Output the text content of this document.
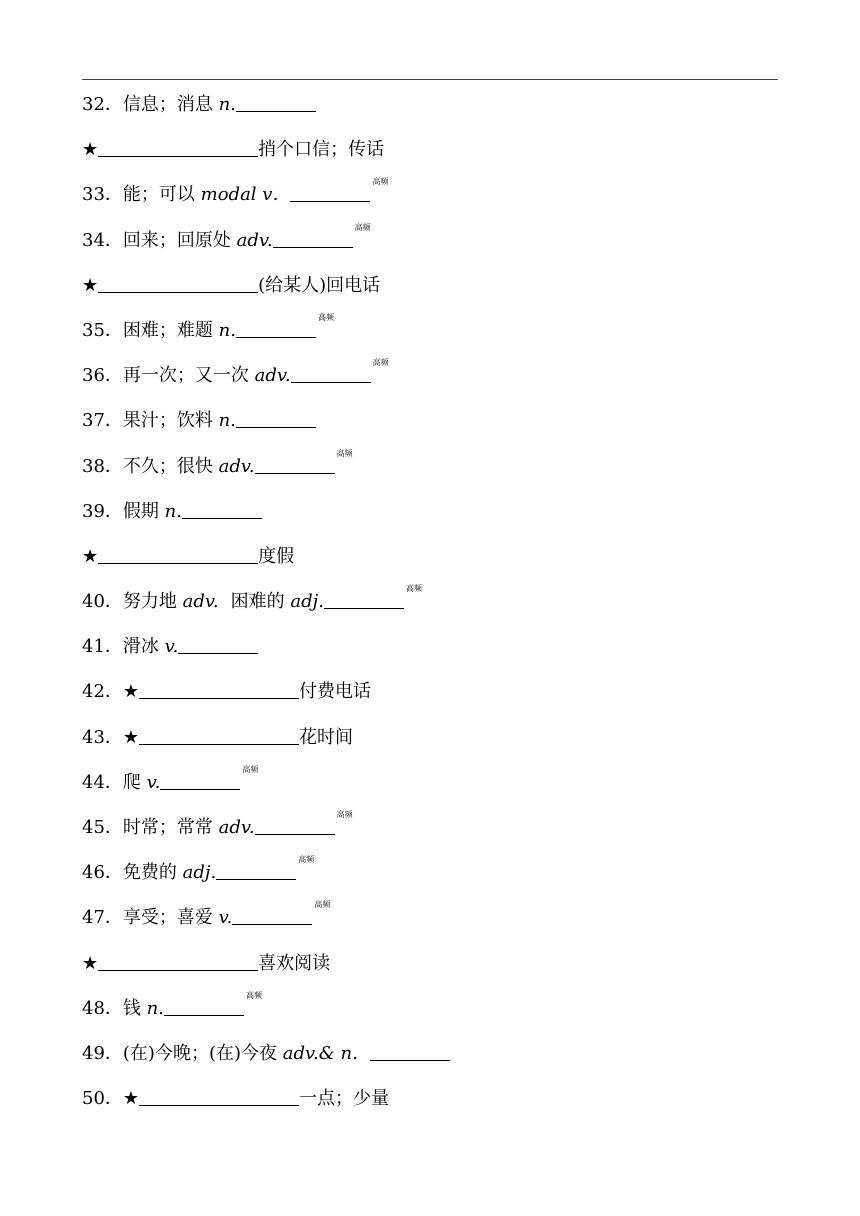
32．信息；消息 n.
★	捎个口信；传话
33．能；可以 modal v．$^{高频}$
34．回来；回原处 adv.$^{高频}$
★	(给某人)回电话
35．困难；难题 n.$^{高频}$
36．再一次；又一次 adv.$^{高频}$
37．果汁；饮料 n.
38．不久；很快 adv.$^{高频}$
39．假期 n.
★	度假
40．努力地 adv. 困难的 adj.$^{高频}$
41．滑冰 v.
42．★	付费电话
43．★	花时间
44．爬 v.$^{高频}$
45．时常；常常 adv.$^{高频}$
46．免费的 adj.$^{高频}$
47．享受；喜爱 v.$^{高频}$
★	喜欢阅读
48．钱 n.$^{高频}$
49．(在)今晚；(在)今夜 adv.& n．
50．★	一点；少量
